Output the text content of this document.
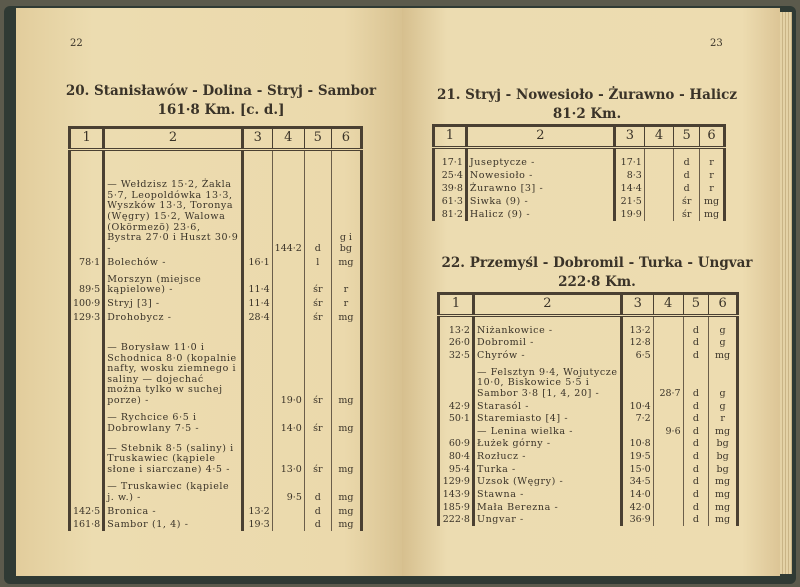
22
20. Stanisławów - Dolina - Stryj - Sambor
161·8 Km. [c. d.]
23
21. Stryj - Nowesioło - Żurawno - Halicz
81·2 Km.
22. Przemyśl - Dobromil - Turka - Ungvar
222·8 Km.
1	2	3	4	5	6

	— Wełdzisz 15·2, Żakla 5·7, Leopoldówka 13·3, Wyszków 13·3, Toronya (Węgry) 15·2, Walowa (Okörmezö) 23·6, Bystra 27·0 i Huszt 30·9 -		144·2	d	g i
bg
78·1	Bolechów -	16·1		l	mg
89·5	Morszyn (miejsce kąpielowe) -	11·4		śr	r
100·9	Stryj [3] -	11·4		śr	r
129·3	Drohobycz -	28·4		śr	mg
	— Borysław 11·0 i Schodnica 8·0 (kopalnie nafty, wosku ziemnego i saliny — dojechać można tylko w suchej porze) -		19·0	śr	mg
	— Rychcice 6·5 i Dobrowlany 7·5 -		14·0	śr	mg
	— Stebnik 8·5 (saliny) i Truskawiec (kąpiele słone i siarczane) 4·5 -		13·0	śr	mg
	— Truskawiec (kąpiele j. w.) -		9·5	d	mg
142·5	Bronica -	13·2		d	mg
161·8	Sambor (1, 4) -	19·3		d	mg

1	2	3	4	5	6

17·1	Juseptycze -	17·1		d	r
25·4	Nowesioło -	8·3		d	r
39·8	Żurawno [3] -	14·4		d	r
61·3	Siwka (9) -	21·5		śr	mg
81·2	Halicz (9) -	19·9		śr	mg

1	2	3	4	5	6

13·2	Niżankowice -	13·2		d	g
26·0	Dobromil -	12·8		d	g
32·5	Chyrów -	6·5		d	mg
	— Felsztyn 9·4, Wojutycze 10·0, Biskowice 5·5 i Sambor 3·8 [1, 4, 20] -		28·7	d	g
42·9	Starasól -	10·4		d	g
50·1	Staremiasto [4] -	7·2		d	r
	— Lenina wielka -		9·6	d	mg
60·9	Łużek górny -	10·8		d	bg
80·4	Rozłucz -	19·5		d	bg
95·4	Turka -	15·0		d	bg
129·9	Uzsok (Węgry) -	34·5		d	mg
143·9	Stawna -	14·0		d	mg
185·9	Mała Berezna -	42·0		d	mg
222·8	Ungvar -	36·9		d	mg
